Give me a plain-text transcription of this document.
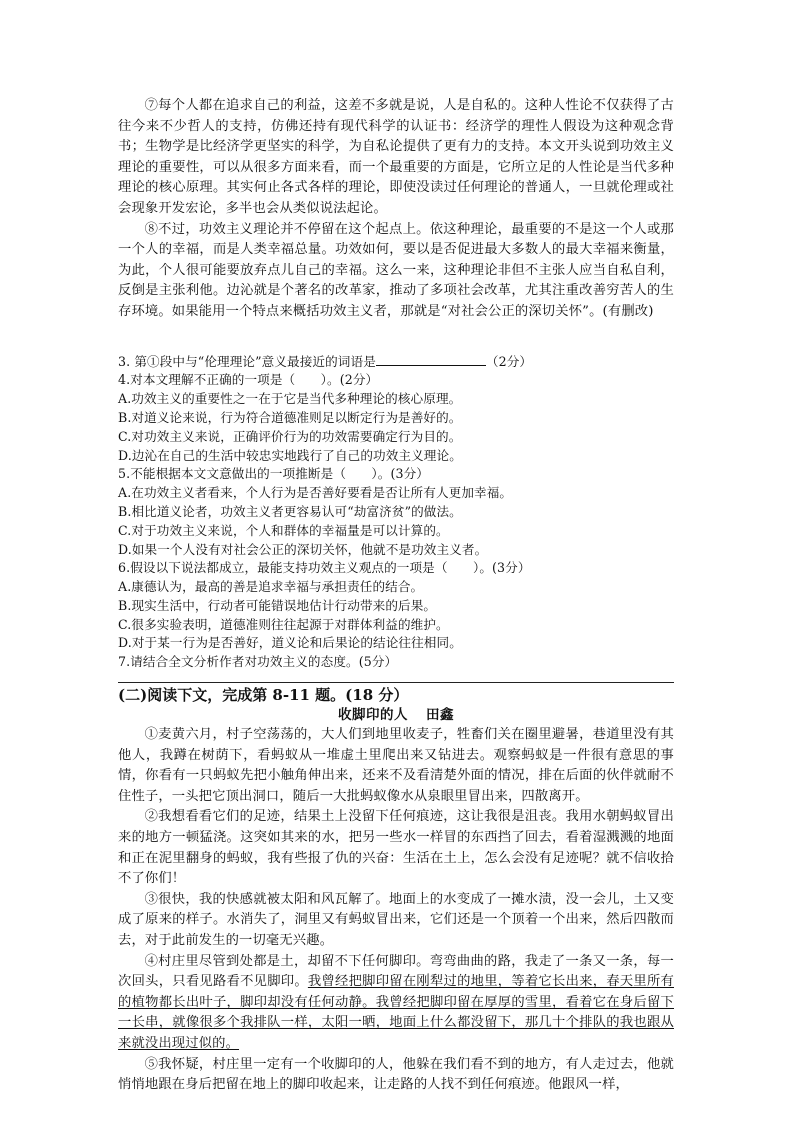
⑦每个人都在追求自己的利益，这差不多就是说，人是自私的。这种人性论不仅获得了古往今来不少哲人的支持，仿佛还持有现代科学的认证书：经济学的理性人假设为这种观念背书；生物学是比经济学更坚实的科学，为自私论提供了更有力的支持。本文开头说到功效主义理论的重要性，可以从很多方面来看，而一个最重要的方面是，它所立足的人性论是当代多种理论的核心原理。其实何止各式各样的理论，即使没读过任何理论的普通人，一旦就伦理或社会现象开发宏论，多半也会从类似说法起论。

⑧不过，功效主义理论并不停留在这个起点上。依这种理论，最重要的不是这一个人或那一个人的幸福，而是人类幸福总量。功效如何，要以是否促进最大多数人的最大幸福来衡量，为此，个人很可能要放弃点儿自己的幸福。这么一来，这种理论非但不主张人应当自私自利，反倒是主张利他。边沁就是个著名的改革家，推动了多项社会改革，尤其注重改善穷苦人的生存环境。如果能用一个特点来概括功效主义者，那就是“对社会公正的深切关怀”。(有删改)

3. 第①段中与“伦理理论”意义最接近的词语是	（2分）

4.对本文理解不正确的一项是（　　）。(2分）

A.功效主义的重要性之一在于它是当代多种理论的核心原理。

B.对道义论来说，行为符合道德准则足以断定行为是善好的。

C.对功效主义来说，正确评价行为的功效需要确定行为目的。

D.边沁在自己的生活中较忠实地践行了自己的功效主义理论。

5.不能根据本文文意做出的一项推断是（　　）。(3分）

A.在功效主义者看来，个人行为是否善好要看是否让所有人更加幸福。

B.相比道义论者，功效主义者更容易认可“劫富济贫”的做法。

C.对于功效主义来说，个人和群体的幸福量是可以计算的。

D.如果一个人没有对社会公正的深切关怀，他就不是功效主义者。

6.假设以下说法都成立，最能支持功效主义观点的一项是（　　）。(3分）

A.康德认为，最高的善是追求幸福与承担责任的结合。

B.现实生活中，行动者可能错误地估计行动带来的后果。

C.很多实验表明，道德准则往往起源于对群体利益的维护。

D.对于某一行为是否善好，道义论和后果论的结论往往相同。

7.请结合全文分析作者对功效主义的态度。(5分）

(二)阅读下文，完成第 8-11 题。(18 分）

收脚印的人 田鑫

①麦黄六月，村子空荡荡的，大人们到地里收麦子，牲畜们关在圈里避暑，巷道里没有其他人，我蹲在树荫下，看蚂蚁从一堆虚土里爬出来又钻进去。观察蚂蚁是一件很有意思的事情，你看有一只蚂蚁先把小触角伸出来，还来不及看清楚外面的情况，排在后面的伙伴就耐不住性子，一头把它顶出洞口，随后一大批蚂蚁像水从泉眼里冒出来，四散离开。

②我想看看它们的足迹，结果土上没留下任何痕迹，这让我很是沮丧。我用水朝蚂蚁冒出来的地方一顿猛浇。这突如其来的水，把另一些水一样冒的东西挡了回去，看着湿溅溅的地面和正在泥里翻身的蚂蚁，我有些报了仇的兴奋：生活在土上，怎么会没有足迹呢？就不信收拾不了你们！

③很快，我的快感就被太阳和风瓦解了。地面上的水变成了一摊水渍，没一会儿，土又变成了原来的样子。水消失了，洞里又有蚂蚁冒出来，它们还是一个顶着一个出来，然后四散而去，对于此前发生的一切毫无兴趣。

④村庄里尽管到处都是土，却留不下任何脚印。弯弯曲曲的路，我走了一条又一条，每一次回头，只看见路看不见脚印。我曾经把脚印留在刚犁过的地里，等着它长出来，春天里所有的植物都长出叶子，脚印却没有任何动静。我曾经把脚印留在厚厚的雪里，看着它在身后留下一长串，就像很多个我排队一样，太阳一晒，地面上什么都没留下，那几十个排队的我也跟从来就没出现过似的。

⑤我怀疑，村庄里一定有一个收脚印的人，他躲在我们看不到的地方，有人走过去，他就悄悄地跟在身后把留在地上的脚印收起来，让走路的人找不到任何痕迹。他跟风一样，
